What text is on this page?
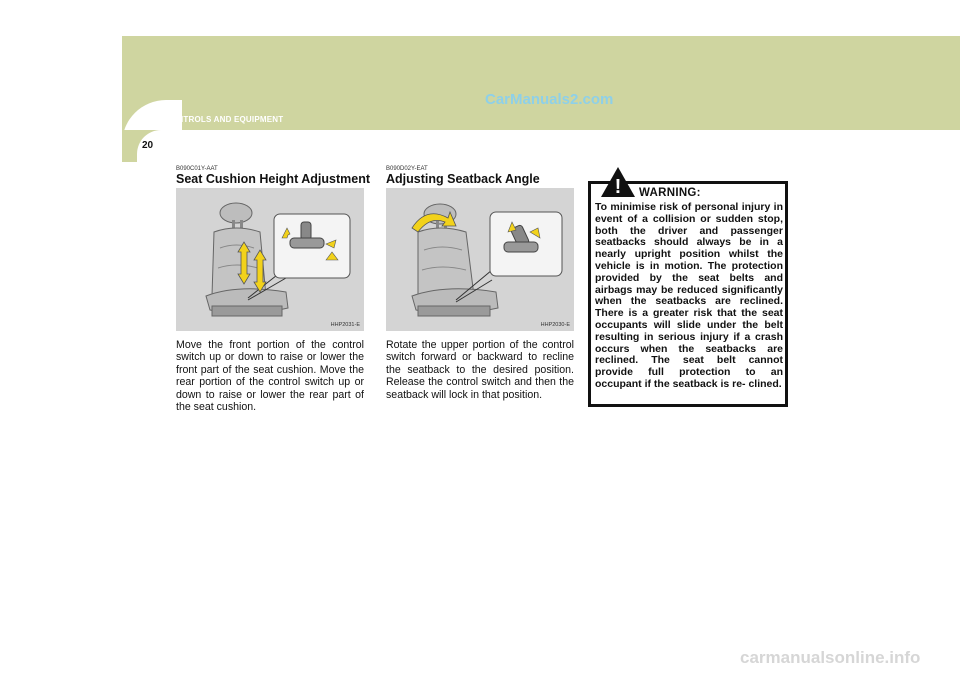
1 CONTROLS AND EQUIPMENT
CarManuals2.com
20
B090C01Y-AAT
Seat Cushion Height Adjustment
HHP2031-E
Move the front portion of the control switch up or down to raise or lower the front part of the seat cushion. Move the rear portion of the control switch up or down to raise or lower the rear part of the seat cushion.
B090D02Y-EAT
Adjusting Seatback Angle
HHP2030-E
Rotate the upper portion of the control switch forward or backward to recline the seatback to the desired position. Release the control switch and then the seatback will lock in that position.
! WARNING:
To minimise risk of personal injury in event of a collision or sudden stop, both the driver and passenger seatbacks should always be in a nearly upright position whilst the vehicle is in motion. The protection provided by the seat belts and airbags may be reduced significantly when the seatbacks are reclined. There is a greater risk that the seat occupants will slide under the belt resulting in serious injury if a crash occurs when the seatbacks are reclined. The seat belt cannot provide full protection to an occupant if the seatback is re- clined.
carmanualsonline.info
